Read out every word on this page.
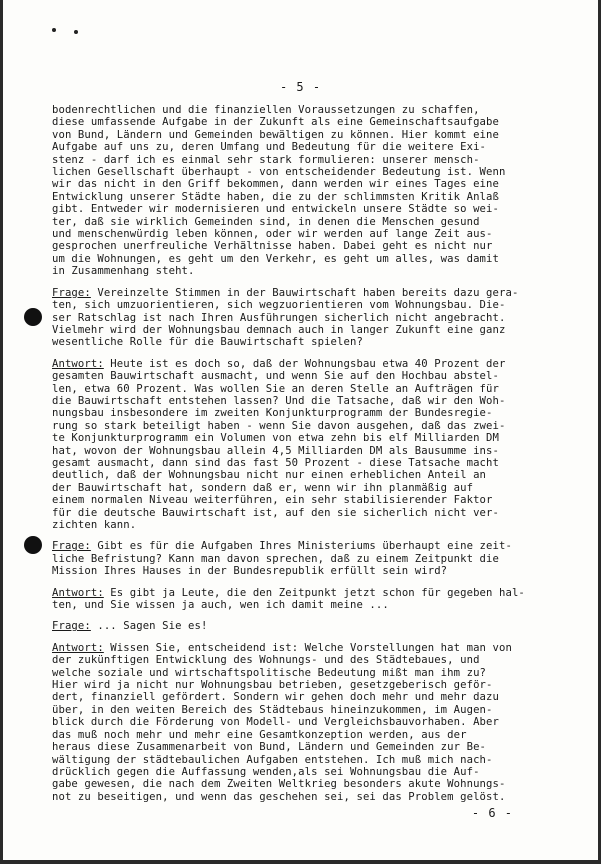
- 5 -
bodenrechtlichen und die finanziellen Voraussetzungen zu schaffen,
diese umfassende Aufgabe in der Zukunft als eine Gemeinschaftsaufgabe
von Bund, Ländern und Gemeinden bewältigen zu können. Hier kommt eine
Aufgabe auf uns zu, deren Umfang und Bedeutung für die weitere Exi-
stenz - darf ich es einmal sehr stark formulieren: unserer mensch-
lichen Gesellschaft überhaupt - von entscheidender Bedeutung ist. Wenn
wir das nicht in den Griff bekommen, dann werden wir eines Tages eine
Entwicklung unserer Städte haben, die zu der schlimmsten Kritik Anlaß
gibt. Entweder wir modernisieren und entwickeln unsere Städte so wei-
ter, daß sie wirklich Gemeinden sind, in denen die Menschen gesund
und menschenwürdig leben können, oder wir werden auf lange Zeit aus-
gesprochen unerfreuliche Verhältnisse haben. Dabei geht es nicht nur
um die Wohnungen, es geht um den Verkehr, es geht um alles, was damit
in Zusammenhang steht.
Frage: Vereinzelte Stimmen in der Bauwirtschaft haben bereits dazu gera-
ten, sich umzuorientieren, sich wegzuorientieren vom Wohnungsbau. Die-
ser Ratschlag ist nach Ihren Ausführungen sicherlich nicht angebracht.
Vielmehr wird der Wohnungsbau demnach auch in langer Zukunft eine ganz
wesentliche Rolle für die Bauwirtschaft spielen?
Antwort: Heute ist es doch so, daß der Wohnungsbau etwa 40 Prozent der
gesamten Bauwirtschaft ausmacht, und wenn Sie auf den Hochbau abstel-
len, etwa 60 Prozent. Was wollen Sie an deren Stelle an Aufträgen für
die Bauwirtschaft entstehen lassen? Und die Tatsache, daß wir den Woh-
nungsbau insbesondere im zweiten Konjunkturprogramm der Bundesregie-
rung so stark beteiligt haben - wenn Sie davon ausgehen, daß das zwei-
te Konjunkturprogramm ein Volumen von etwa zehn bis elf Milliarden DM
hat, wovon der Wohnungsbau allein 4,5 Milliarden DM als Bausumme ins-
gesamt ausmacht, dann sind das fast 50 Prozent - diese Tatsache macht
deutlich, daß der Wohnungsbau nicht nur einen erheblichen Anteil an
der Bauwirtschaft hat, sondern daß er, wenn wir ihn planmäßig auf
einem normalen Niveau weiterführen, ein sehr stabilisierender Faktor
für die deutsche Bauwirtschaft ist, auf den sie sicherlich nicht ver-
zichten kann.
Frage: Gibt es für die Aufgaben Ihres Ministeriums überhaupt eine zeit-
liche Befristung? Kann man davon sprechen, daß zu einem Zeitpunkt die
Mission Ihres Hauses in der Bundesrepublik erfüllt sein wird?
Antwort: Es gibt ja Leute, die den Zeitpunkt jetzt schon für gegeben hal-
ten, und Sie wissen ja auch, wen ich damit meine ...
Frage: ... Sagen Sie es!
Antwort: Wissen Sie, entscheidend ist: Welche Vorstellungen hat man von
der zukünftigen Entwicklung des Wohnungs- und des Städtebaues, und
welche soziale und wirtschaftspolitische Bedeutung mißt man ihm zu?
Hier wird ja nicht nur Wohnungsbau betrieben, gesetzgeberisch geför-
dert, finanziell gefördert. Sondern wir gehen doch mehr und mehr dazu
über, in den weiten Bereich des Städtebaus hineinzukommen, im Augen-
blick durch die Förderung von Modell- und Vergleichsbauvorhaben. Aber
das muß noch mehr und mehr eine Gesamtkonzeption werden, aus der
heraus diese Zusammenarbeit von Bund, Ländern und Gemeinden zur Be-
wältigung der städtebaulichen Aufgaben entstehen. Ich muß mich nach-
drücklich gegen die Auffassung wenden,als sei Wohnungsbau die Auf-
gabe gewesen, die nach dem Zweiten Weltkrieg besonders akute Wohnungs-
not zu beseitigen, und wenn das geschehen sei, sei das Problem gelöst.
- 6 -
